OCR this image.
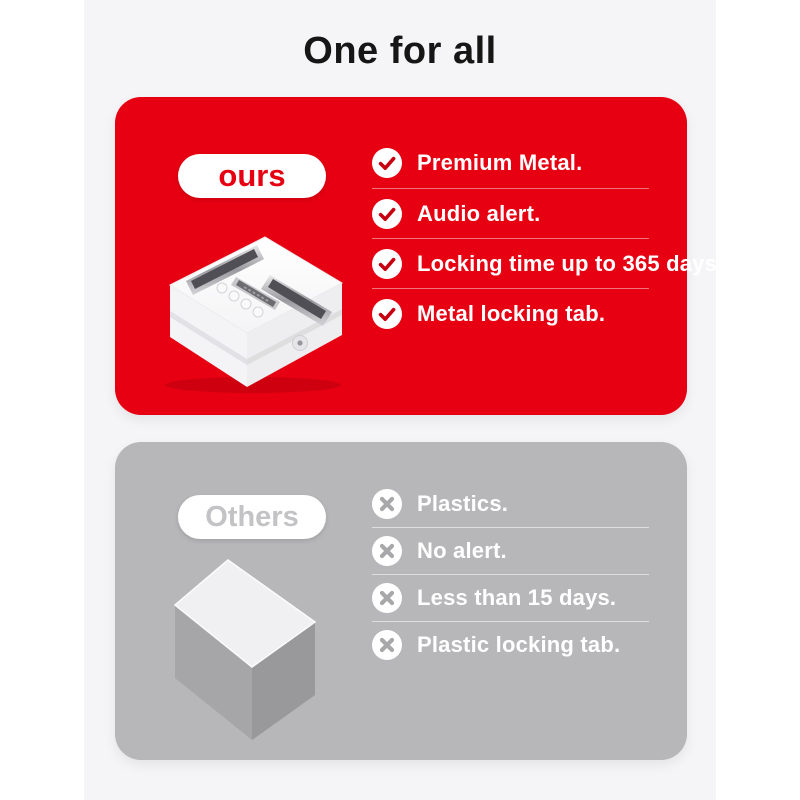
One for all
ours	Premium Metal.
Audio alert.
Locking time up to 365 days.
Metal locking tab.
Others	Plastics.
No alert.
Less than 15 days.
Plastic locking tab.
